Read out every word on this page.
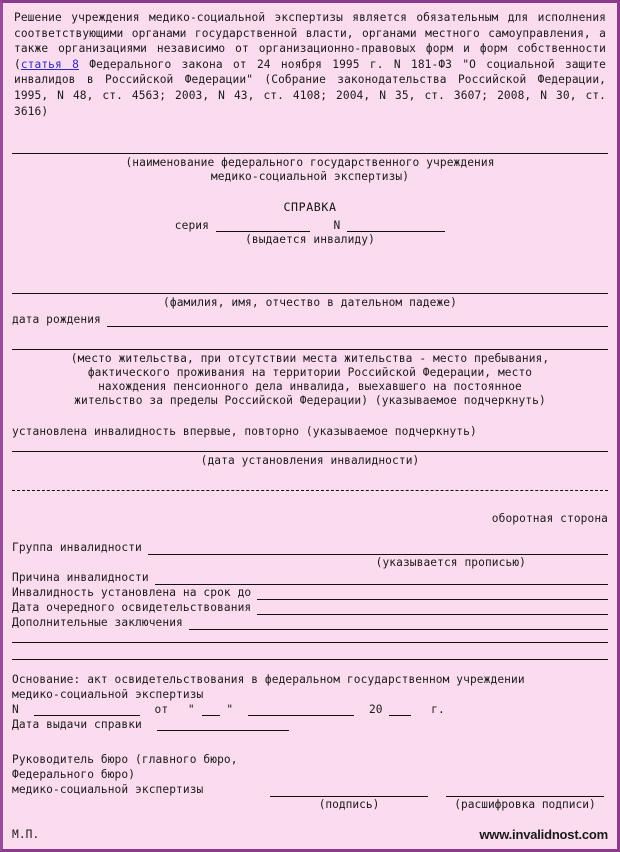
Решение учреждения медико-социальной экспертизы является обязательным для исполнения соответствующими органами государственной власти, органами местного самоуправления, а также организациями независимо от организационно-правовых форм и форм собственности (статья 8 Федерального закона от 24 ноября 1995 г. N 181-ФЗ "О социальной защите инвалидов в Российской Федерации" (Собрание законодательства Российской Федерации, 1995, N 48, ст. 4563; 2003, N 43, ст. 4108; 2004, N 35, ст. 3607; 2008, N 30, ст. 3616)

(наименование федерального государственного учреждения
медико-социальной экспертизы)
СПРАВКА
серия	N
(выдается инвалиду)
(фамилия, имя, отчество в дательном падеже)
дата рождения
(место жительства, при отсутствии места жительства - место пребывания,
фактического проживания на территории Российской Федерации, место
нахождения пенсионного дела инвалида, выехавшего на постоянное
жительство за пределы Российской Федерации) (указываемое подчеркнуть)
установлена инвалидность впервые, повторно (указываемое подчеркнуть)
(дата установления инвалидности)
оборотная сторона
Группа инвалидности
(указывается прописью)
Причина инвалидности
Инвалидность установлена на срок до
Дата очередного освидетельствования
Дополнительные заключения
Основание: акт освидетельствования в федеральном государственном учреждении
медико-социальной экспертизы
N	от "	"	20	г.
Дата выдачи справки
Руководитель бюро (главного бюро,
Федерального бюро)
медико-социальной экспертизы
(подпись)	(расшифровка подписи)
М.П.	www.invalidnost.com
